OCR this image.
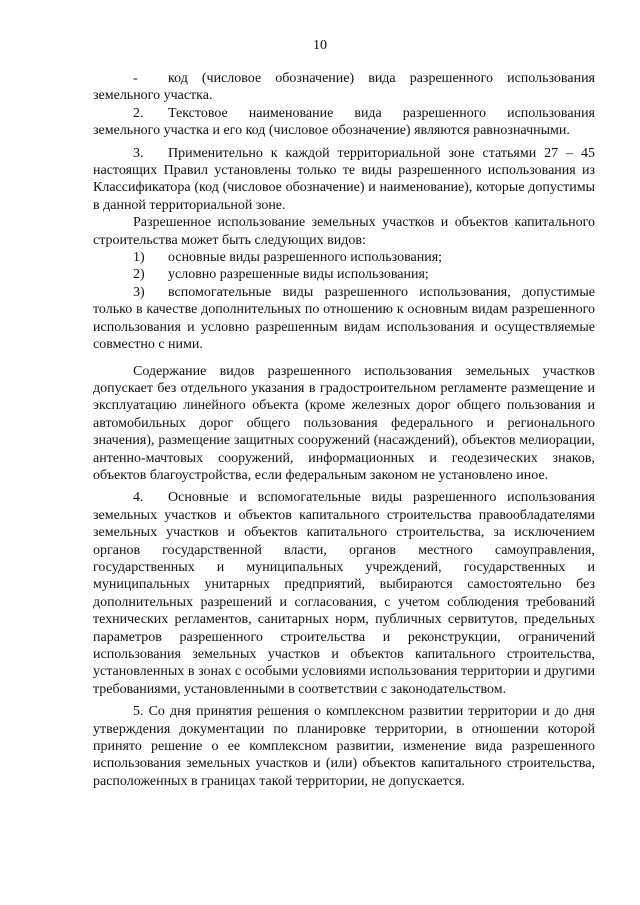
10

- код (числовое обозначение) вида разрешенного использования земельного участка.

2. Текстовое наименование вида разрешенного использования земельного участка и его код (числовое обозначение) являются равнозначными.

3. Применительно к каждой территориальной зоне статьями 27 – 45 настоящих Правил установлены только те виды разрешенного использования из Классификатора (код (числовое обозначение) и наименование), которые допустимы в данной территориальной зоне.

Разрешенное использование земельных участков и объектов капитального строительства может быть следующих видов:

1) основные виды разрешенного использования;

2) условно разрешенные виды использования;

3) вспомогательные виды разрешенного использования, допустимые только в качестве дополнительных по отношению к основным видам разрешенного использования и условно разрешенным видам использования и осуществляемые совместно с ними.

Содержание видов разрешенного использования земельных участков допускает без отдельного указания в градостроительном регламенте размещение и эксплуатацию линейного объекта (кроме железных дорог общего пользования и автомобильных дорог общего пользования федерального и регионального значения), размещение защитных сооружений (насаждений), объектов мелиорации, антенно-мачтовых сооружений, информационных и геодезических знаков, объектов благоустройства, если федеральным законом не установлено иное.

4. Основные и вспомогательные виды разрешенного использования земельных участков и объектов капитального строительства правообладателями земельных участков и объектов капитального строительства, за исключением органов государственной власти, органов местного самоуправления, государственных и муниципальных учреждений, государственных и муниципальных унитарных предприятий, выбираются самостоятельно без дополнительных разрешений и согласования, с учетом соблюдения требований технических регламентов, санитарных норм, публичных сервитутов, предельных параметров разрешенного строительства и реконструкции, ограничений использования земельных участков и объектов капитального строительства, установленных в зонах с особыми условиями использования территории и другими требованиями, установленными в соответствии с законодательством.

5. Со дня принятия решения о комплексном развитии территории и до дня утверждения документации по планировке территории, в отношении которой принято решение о ее комплексном развитии, изменение вида разрешенного использования земельных участков и (или) объектов капитального строительства, расположенных в границах такой территории, не допускается.
